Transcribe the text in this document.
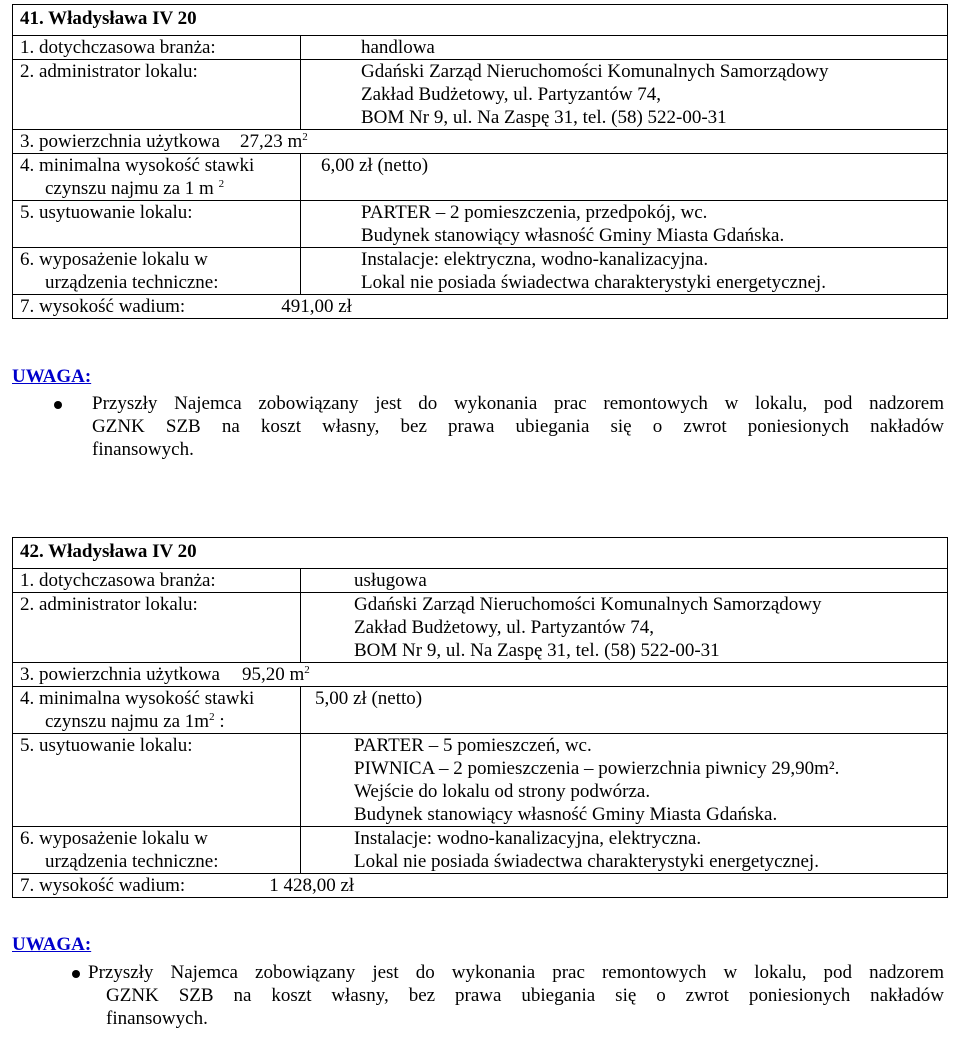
41. Władysława IV 20	
1. dotychczasowa branża:	handlowa
2. administrator lokalu:	Gdański Zarząd Nieruchomości Komunalnych Samorządowy
Zakład Budżetowy, ul. Partyzantów 74,
BOM Nr 9, ul. Na Zaspę 31, tel. (58) 522-00-31

3. powierzchnia użytkowa 27,23 $m^2$

4. minimalna wysokość stawki
czynszu najmu za 1 m $^2$	6,00 zł (netto)
5. usytuowanie lokalu:	PARTER – 2 pomieszczenia, przedpokój, wc.
Budynek stanowiący własność Gminy Miasta Gdańska.

6. wyposażenie lokalu w
urządzenia techniczne:	Instalacje: elektryczna, wodno-kanalizacyjna.
Lokal nie posiada świadectwa charakterystyki energetycznej.

7. wysokość wadium: 491,00 zł	
UWAGA:
Przyszły Najemca zobowiązany jest do wykonania prac remontowych w lokalu, pod nadzorem
GZNK SZB na koszt własny, bez prawa ubiegania się o zwrot poniesionych nakładów
finansowych.
42. Władysława IV 20	
1. dotychczasowa branża:	usługowa
2. administrator lokalu:	Gdański Zarząd Nieruchomości Komunalnych Samorządowy
Zakład Budżetowy, ul. Partyzantów 74,
BOM Nr 9, ul. Na Zaspę 31, tel. (58) 522-00-31

3. powierzchnia użytkowa 95,20 $m^2$

4. minimalna wysokość stawki
czynszu najmu za $1m^2$ :	5,00 zł (netto)
5. usytuowanie lokalu:	PARTER – 5 pomieszczeń, wc.
PIWNICA – 2 pomieszczenia – powierzchnia piwnicy 29,90m².
Wejście do lokalu od strony podwórza.
Budynek stanowiący własność Gminy Miasta Gdańska.

6. wyposażenie lokalu w
urządzenia techniczne:	Instalacje: wodno-kanalizacyjna, elektryczna.
Lokal nie posiada świadectwa charakterystyki energetycznej.

7. wysokość wadium: 1 428,00 zł	
UWAGA:
Przyszły Najemca zobowiązany jest do wykonania prac remontowych w lokalu, pod nadzorem
GZNK SZB na koszt własny, bez prawa ubiegania się o zwrot poniesionych nakładów
finansowych.
